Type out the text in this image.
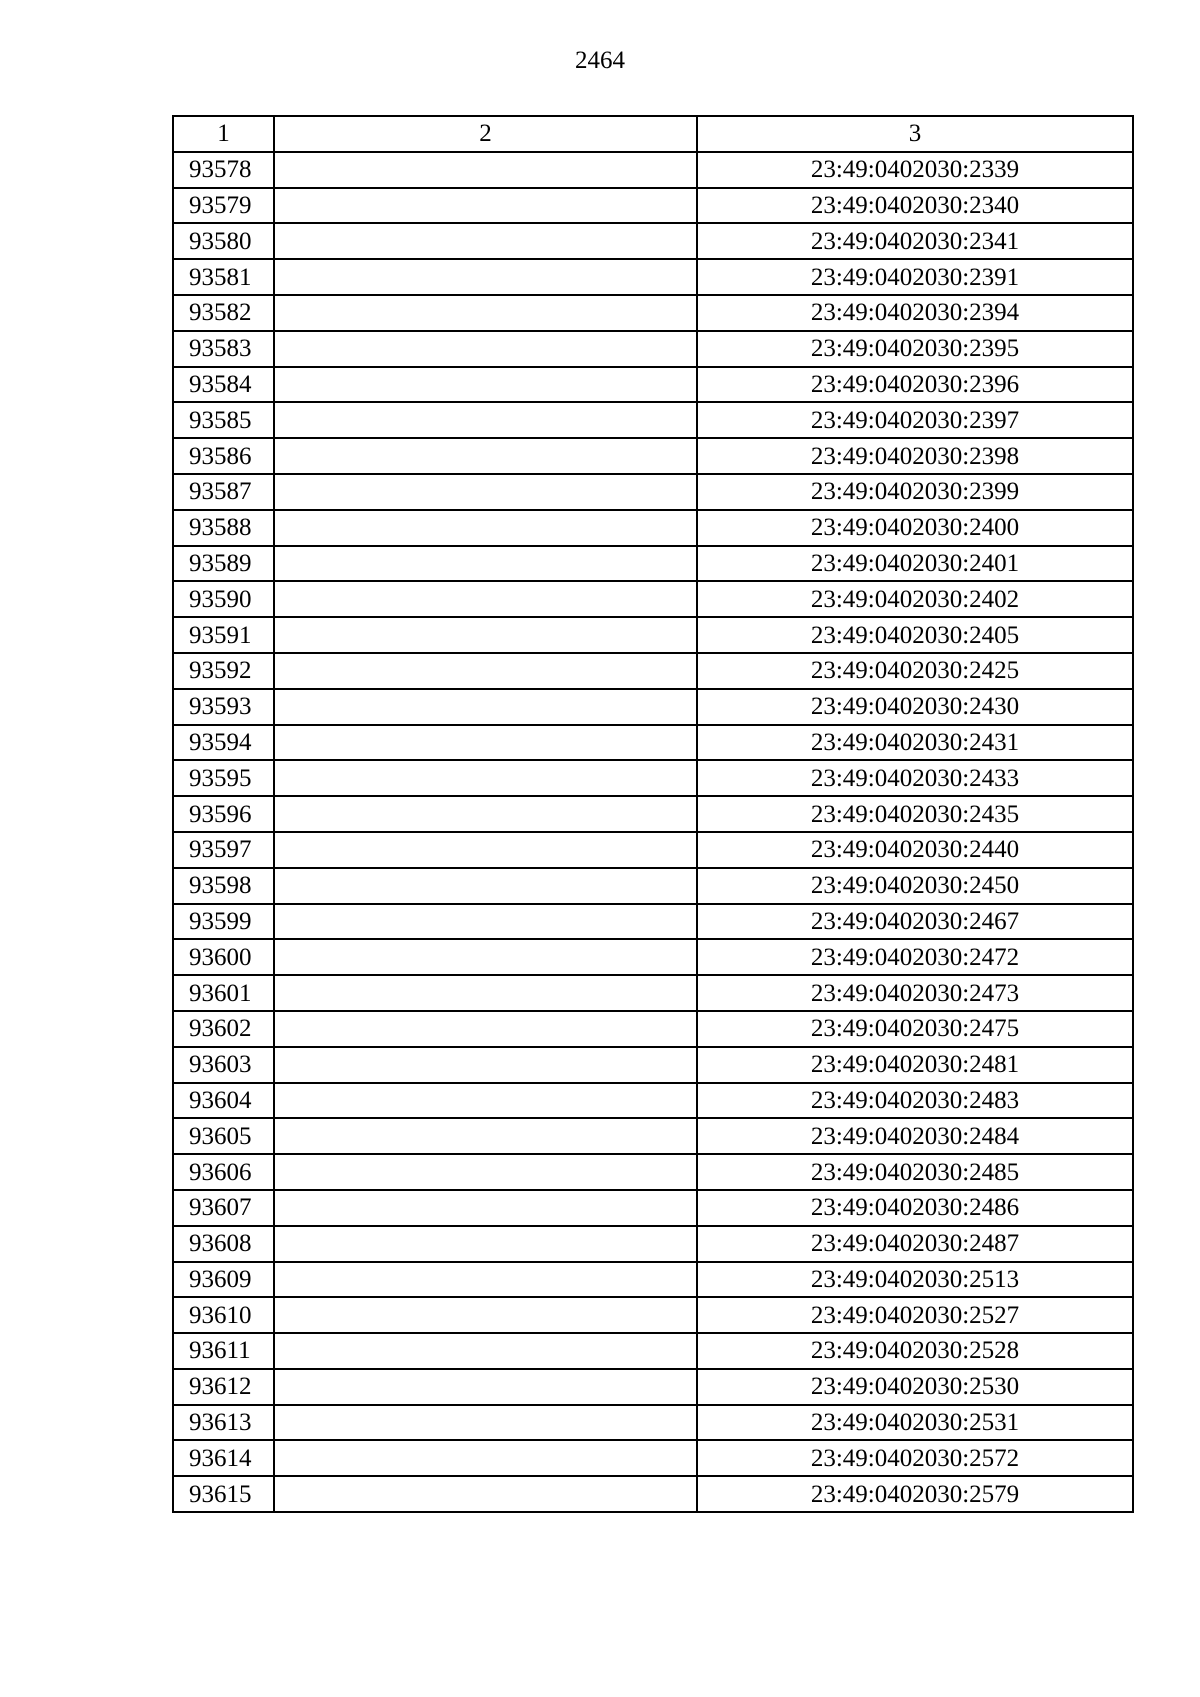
2464
1	2	3
93578		23:49:0402030:2339
93579		23:49:0402030:2340
93580		23:49:0402030:2341
93581		23:49:0402030:2391
93582		23:49:0402030:2394
93583		23:49:0402030:2395
93584		23:49:0402030:2396
93585		23:49:0402030:2397
93586		23:49:0402030:2398
93587		23:49:0402030:2399
93588		23:49:0402030:2400
93589		23:49:0402030:2401
93590		23:49:0402030:2402
93591		23:49:0402030:2405
93592		23:49:0402030:2425
93593		23:49:0402030:2430
93594		23:49:0402030:2431
93595		23:49:0402030:2433
93596		23:49:0402030:2435
93597		23:49:0402030:2440
93598		23:49:0402030:2450
93599		23:49:0402030:2467
93600		23:49:0402030:2472
93601		23:49:0402030:2473
93602		23:49:0402030:2475
93603		23:49:0402030:2481
93604		23:49:0402030:2483
93605		23:49:0402030:2484
93606		23:49:0402030:2485
93607		23:49:0402030:2486
93608		23:49:0402030:2487
93609		23:49:0402030:2513
93610		23:49:0402030:2527
93611		23:49:0402030:2528
93612		23:49:0402030:2530
93613		23:49:0402030:2531
93614		23:49:0402030:2572
93615		23:49:0402030:2579
